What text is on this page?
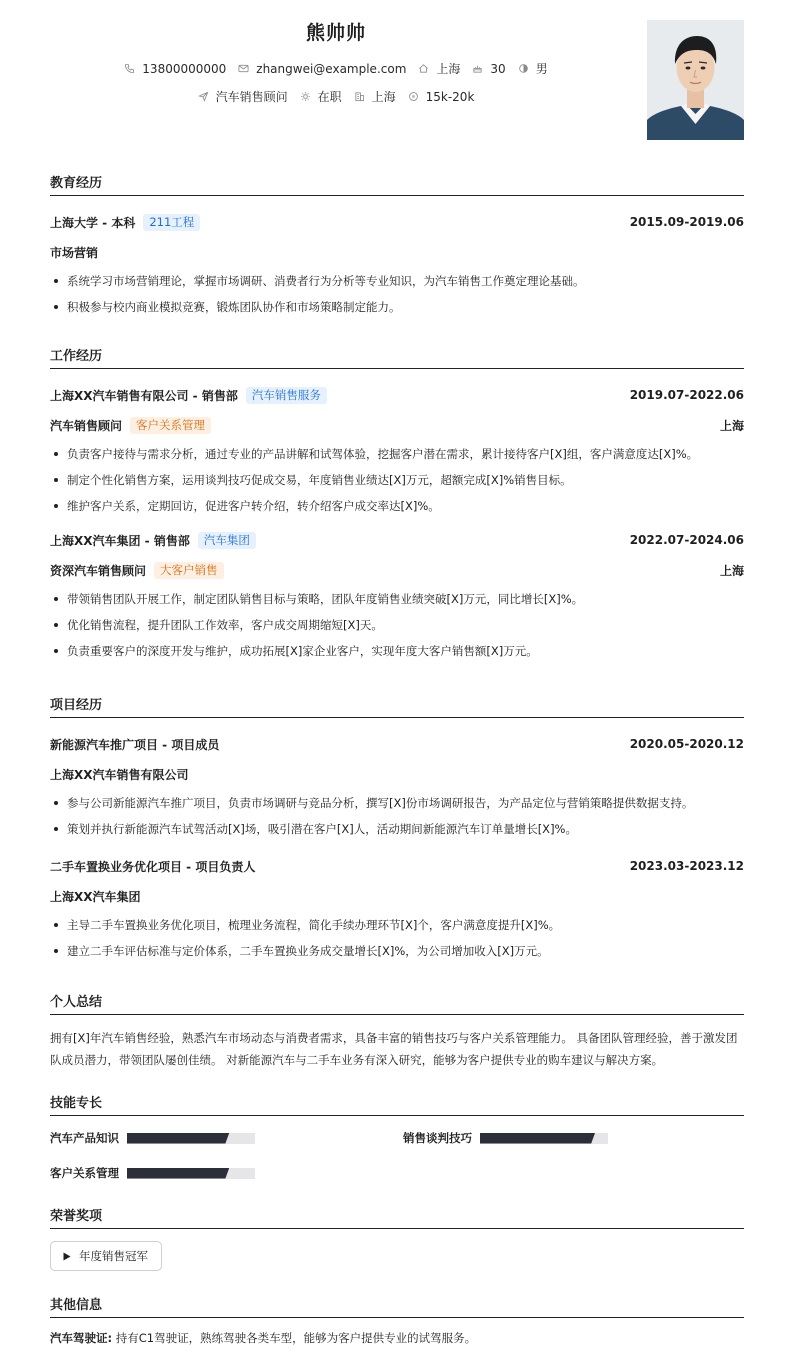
熊帅帅
13800000000	zhangwei@example.com	上海	30	男
汽车销售顾问	在职	上海	15k-20k
教育经历
上海大学 - 本科	211工程	2015.09-2019.06
市场营销
系统学习市场营销理论，掌握市场调研、消费者行为分析等专业知识，为汽车销售工作奠定理论基础。
积极参与校内商业模拟竞赛，锻炼团队协作和市场策略制定能力。
工作经历
上海XX汽车销售有限公司 - 销售部	汽车销售服务	2019.07-2022.06
汽车销售顾问	客户关系管理	上海
负责客户接待与需求分析，通过专业的产品讲解和试驾体验，挖掘客户潜在需求，累计接待客户[X]组，客户满意度达[X]%。
制定个性化销售方案，运用谈判技巧促成交易，年度销售业绩达[X]万元，超额完成[X]%销售目标。
维护客户关系，定期回访，促进客户转介绍，转介绍客户成交率达[X]%。
上海XX汽车集团 - 销售部	汽车集团	2022.07-2024.06
资深汽车销售顾问	大客户销售	上海
带领销售团队开展工作，制定团队销售目标与策略，团队年度销售业绩突破[X]万元，同比增长[X]%。
优化销售流程，提升团队工作效率，客户成交周期缩短[X]天。
负责重要客户的深度开发与维护，成功拓展[X]家企业客户，实现年度大客户销售额[X]万元。
项目经历
新能源汽车推广项目 - 项目成员	2020.05-2020.12
上海XX汽车销售有限公司
参与公司新能源汽车推广项目，负责市场调研与竞品分析，撰写[X]份市场调研报告，为产品定位与营销策略提供数据支持。
策划并执行新能源汽车试驾活动[X]场，吸引潜在客户[X]人，活动期间新能源汽车订单量增长[X]%。
二手车置换业务优化项目 - 项目负责人	2023.03-2023.12
上海XX汽车集团
主导二手车置换业务优化项目，梳理业务流程，简化手续办理环节[X]个，客户满意度提升[X]%。
建立二手车评估标准与定价体系，二手车置换业务成交量增长[X]%，为公司增加收入[X]万元。
个人总结
拥有[X]年汽车销售经验，熟悉汽车市场动态与消费者需求，具备丰富的销售技巧与客户关系管理能力。 具备团队管理经验，善于激发团队成员潜力，带领团队屡创佳绩。 对新能源汽车与二手车业务有深入研究，能够为客户提供专业的购车建议与解决方案。
技能专长
汽车产品知识	销售谈判技巧
客户关系管理
荣誉奖项
年度销售冠军
其他信息
汽车驾驶证: 持有C1驾驶证，熟练驾驶各类车型，能够为客户提供专业的试驾服务。
